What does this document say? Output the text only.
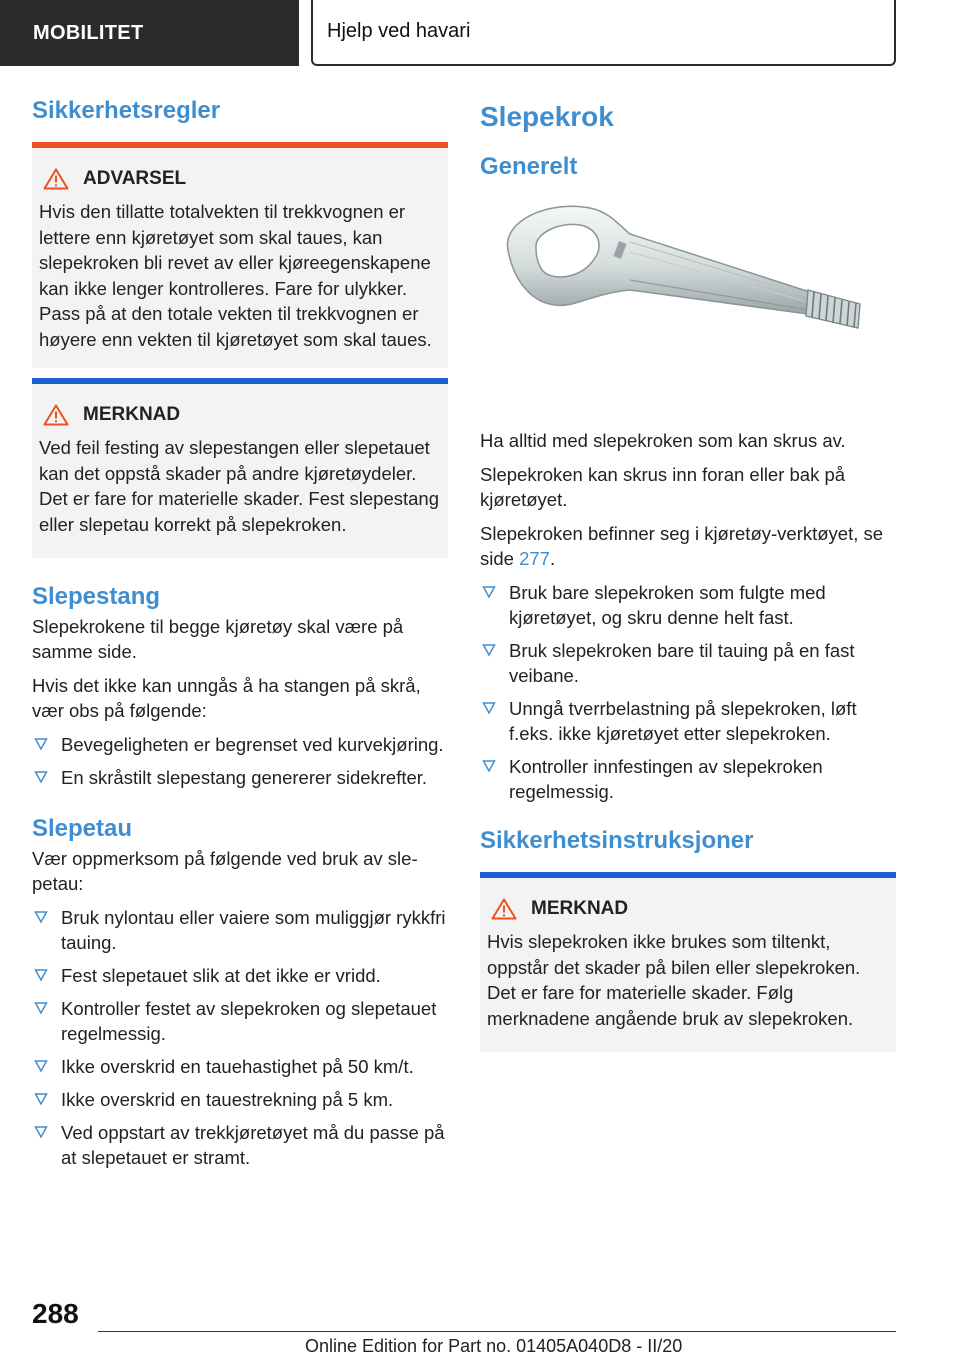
MOBILITET	Hjelp ved havari
Sikkerhetsregler
ADVARSEL
Hvis den tillatte totalvekten til trekkvognen er lettere enn kjøretøyet som skal taues, kan slepekroken bli revet av eller kjøreegenskapene kan ikke lenger kontrolleres. Fare for ulykker. Pass på at den totale vekten til trekkvognen er høyere enn vekten til kjøretøyet som skal taues.
MERKNAD
Ved feil festing av slepestangen eller slepetauet kan det oppstå skader på andre kjøretøydeler. Det er fare for materielle skader. Fest slepestang eller slepetau korrekt på slepekroken.
Slepestang

Slepekrokene til begge kjøretøy skal være på samme side.

Hvis det ikke kan unngås å ha stangen på skrå, vær obs på følgende:

Bevegeligheten er begrenset ved kurvekjøring.
En skråstilt slepestang genererer sidekrefter.
Slepetau

Vær oppmerksom på følgende ved bruk av slepetau:

Bruk nylontau eller vaiere som muliggjør rykkfri tauing.
Fest slepetauet slik at det ikke er vridd.
Kontroller festet av slepekroken og slepetauet regelmessig.
Ikke overskrid en tauehastighet på 50 km/t.
Ikke overskrid en tauestrekning på 5 km.
Ved oppstart av trekkjøretøyet må du passe på at slepetauet er stramt.
Slepekrok
Generelt

Ha alltid med slepekroken som kan skrus av.

Slepekroken kan skrus inn foran eller bak på kjøretøyet.

Slepekroken befinner seg i kjøretøy-verktøyet, se side 277.

Bruk bare slepekroken som fulgte med kjøretøyet, og skru denne helt fast.
Bruk slepekroken bare til tauing på en fast veibane.
Unngå tverrbelastning på slepekroken, løft f.eks. ikke kjøretøyet etter slepekroken.
Kontroller innfestingen av slepekroken regelmessig.
Sikkerhetsinstruksjoner
MERKNAD
Hvis slepekroken ikke brukes som tiltenkt, oppstår det skader på bilen eller slepekroken. Det er fare for materielle skader. Følg merknadene angående bruk av slepekroken.
288
Online Edition for Part no. 01405A040D8 - II/20
